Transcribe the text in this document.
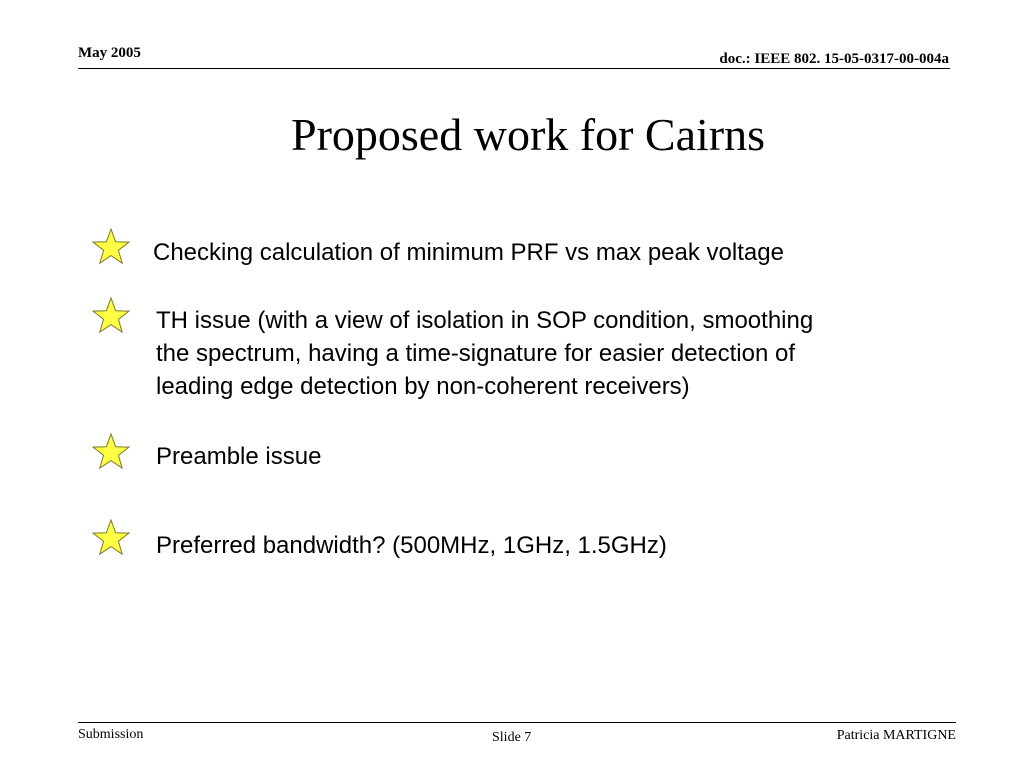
May 2005	doc.: IEEE 802. 15-05-0317-00-004a
Proposed work for Cairns
Checking calculation of minimum PRF vs max peak voltage
TH issue (with a view of isolation in SOP condition, smoothing
the spectrum, having a time-signature for easier detection of
leading edge detection by non-coherent receivers)
Preamble issue
Preferred bandwidth? (500MHz, 1GHz, 1.5GHz)
Submission	Slide 7	Patricia MARTIGNE
